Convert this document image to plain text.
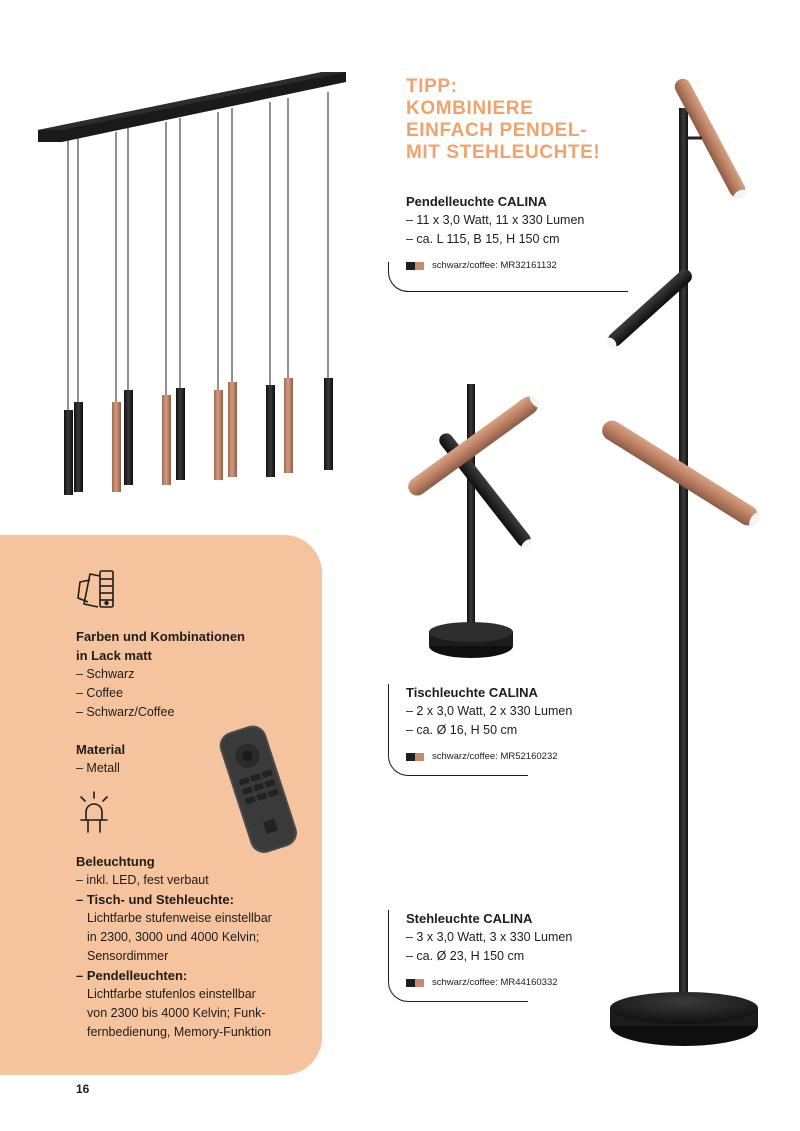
TIPP:
KOMBINIERE
EINFACH PENDEL-
MIT STEHLEUCHTE!
Pendelleuchte CALINA
– 11 x 3,0 Watt, 11 x 330 Lumen
– ca. L 115, B 15, H 150 cm
schwarz/coffee: MR32161132
Tischleuchte CALINA
– 2 x 3,0 Watt, 2 x 330 Lumen
– ca. Ø 16, H 50 cm
schwarz/coffee: MR52160232
Stehleuchte CALINA
– 3 x 3,0 Watt, 3 x 330 Lumen
– ca. Ø 23, H 150 cm
schwarz/coffee: MR44160332
Farben und Kombinationen
in Lack matt
– Schwarz
– Coffee
– Schwarz/Coffee
Material
– Metall
Beleuchtung
– inkl. LED, fest verbaut
– Tisch- und Stehleuchte:
Lichtfarbe stufenweise einstellbar
in 2300, 3000 und 4000 Kelvin;
Sensordimmer
– Pendelleuchten:
Lichtfarbe stufenlos einstellbar
von 2300 bis 4000 Kelvin; Funk-
fernbedienung, Memory-Funktion
16
